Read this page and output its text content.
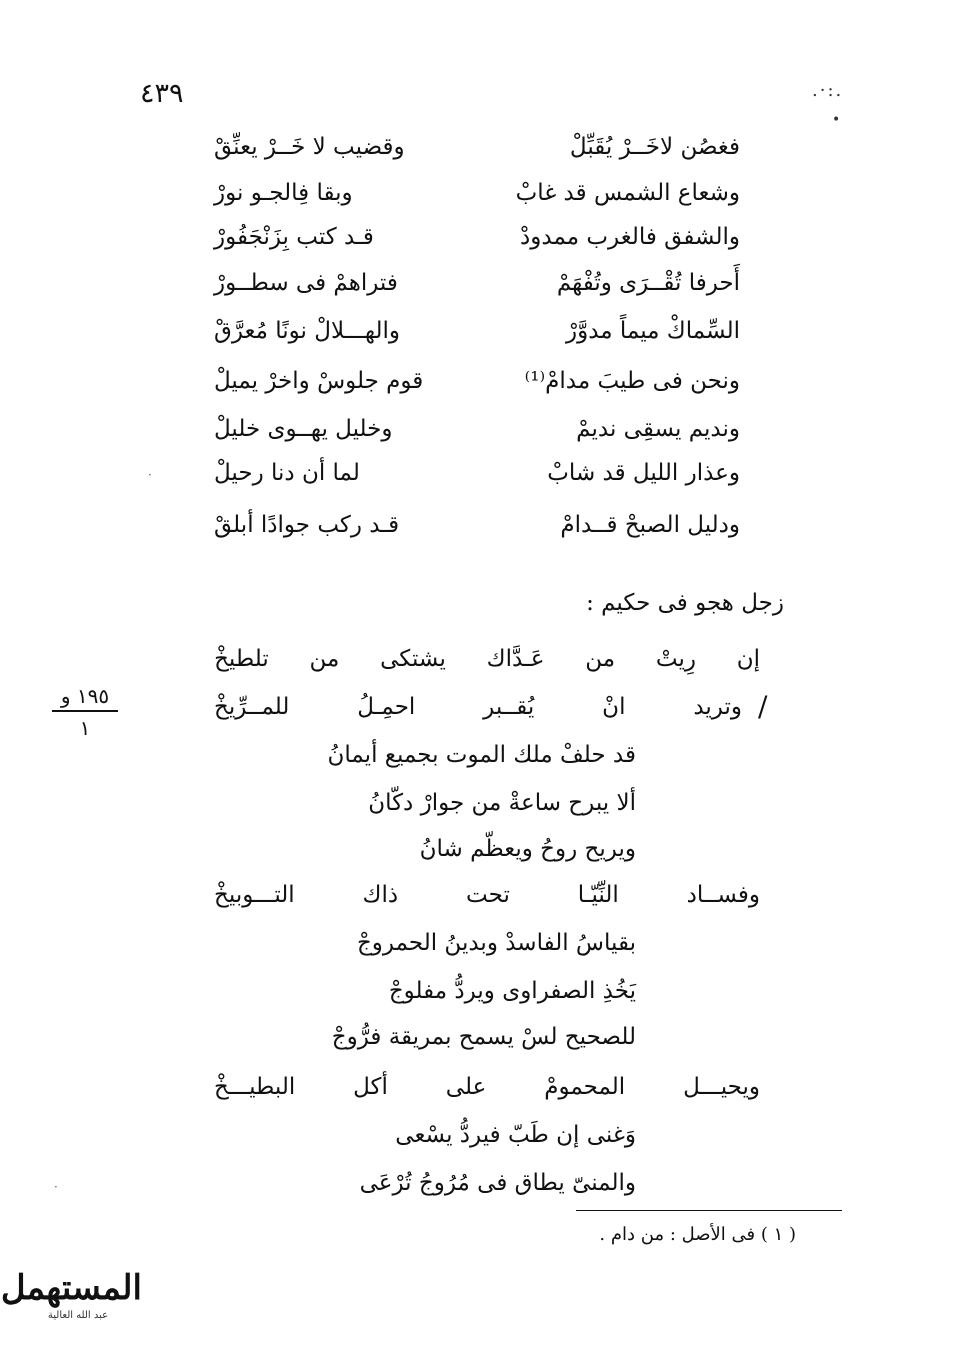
٤٣٩	.·:.
•
·
·
فغصُن لاخَــرْ يُقَبِّلْ
وقضيب لا خَــرْ يعنِّقْ
وشعاع الشمس قد غابْ
وبقا فِالجـو نورْ
والشفق فالغرب ممدودْ
قـد كتب بِزَنْجَفُورْ
أَحرفا تُقْــرَى وتُفْهَمْ
فتراهمْ فى سطــورْ
السِّماكْ ميماً مدوَّرْ
والهـــلالْ نونًا مُعرَّقْ
ونحن فى طيبَ مدامْ⁽¹⁾
قوم جلوسْ واخرْ يميلْ
ونديم يسقِى نديمْ
وخليل يهــوى خليلْ
وعذار الليل قد شابْ
لما أن دنا رحيلْ
ودليل الصبحْ قــدامْ
قـد ركب جوادًا أبلقْ
زجل هجو فى حكيم :
إن
رِيتْ
من
عَـدَّاك
يشتكى
من
تلطيخْ
/
وتريد
انْ
يُقــبر
احمِـلُ
للمــرِّيخْ
قد حلفْ ملك الموت بجميع أيمانُ
ألا يبرح ساعةْ من جوارْ دكّانُ
ويريح روحُ ويعظّم شانُ
وفســاد
النِّيّـا
تحت
ذاك
التـــوبيخْ
بقياسُ الفاسدْ وبدينُ الحمروجْ
يَخُذِ الصفراوى ويردُّ مفلوجْ
للصحيح لسْ يسمح بمريقة فرُّوجْ
ويحيـــل
المحمومْ
على
أكل
البطيـــخْ
وَغنى إن طَبّ فيردُّ يسْعى
والمنىّ يطاق فى مُرُوجُ تُرْعَى
١٩٥ و
١
( ١ ) فى الأصل : من دام .
المستهمل
عبد الله العالية
